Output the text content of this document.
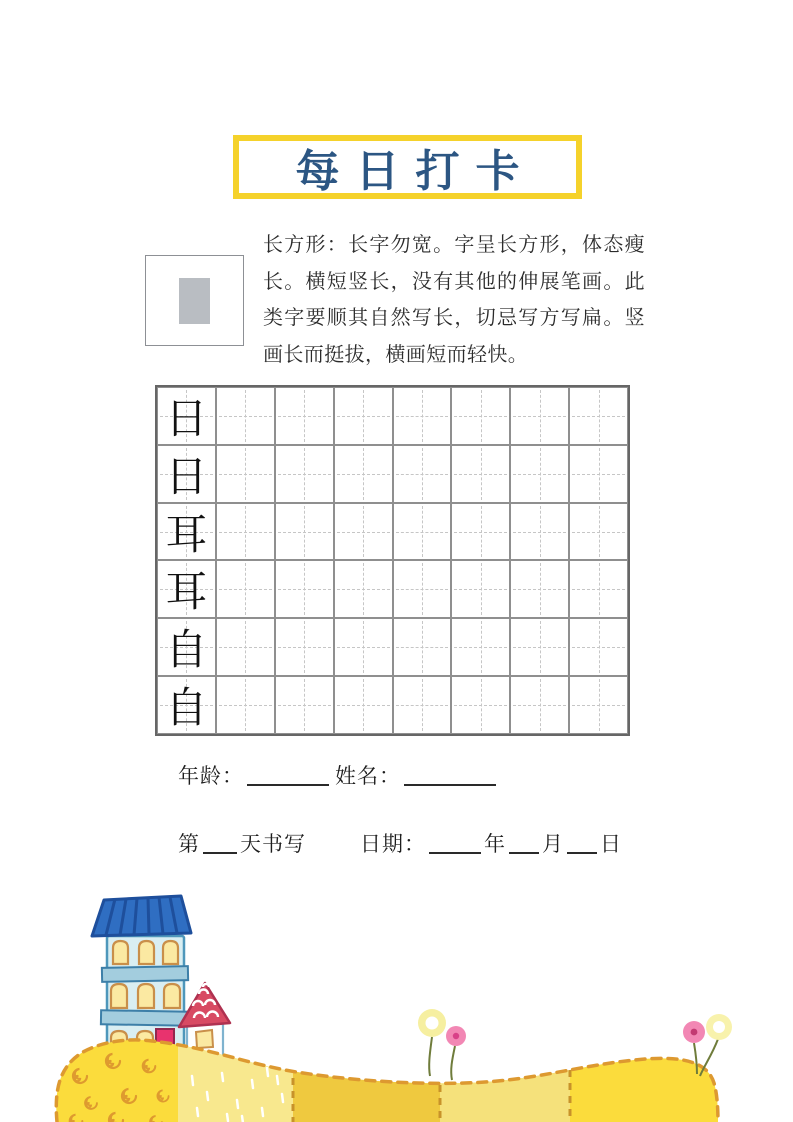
每日打卡
长方形：长字勿宽。字呈长方形，体态瘦长。横短竖长，没有其他的伸展笔画。此类字要顺其自然写长，切忌写方写扁。竖画长而挺拔，横画短而轻快。
日
日
耳
耳
自
自
年龄：	姓名：
第 天书写	日期：	年 月 日
